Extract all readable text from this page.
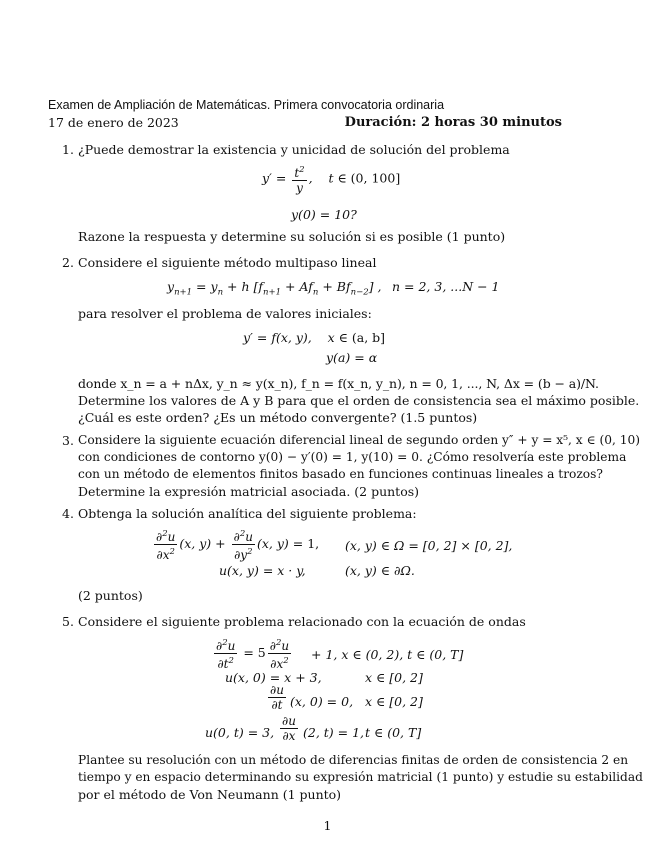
Examen de Ampliación de Matemáticas. Primera convocatoria ordinaria
17 de enero de 2023	Duración: 2 horas 30 minutos
1. ¿Puede demostrar la existencia y unicidad de solución del problema
$y' = \frac{t^2}{y}$ ,    t ∈ (0, 100]
y(0) = 10?
Razone la respuesta y determine su solución si es posible (1 punto)
2. Considere el siguiente método multipaso lineal
$y_{n+1} = y_n + h$ $[f_{n+1} + Af_n + Bf_{n-2}]$ , n = 2, 3, ...N − 1
para resolver el problema de valores iniciales:
y′ = f(x, y),    x ∈ (a, b]
y(a) = α
donde x_n = a + nΔx, y_n ≈ y(x_n), f_n = f(x_n, y_n), n = 0, 1, ..., N, Δx = (b − a)/N.
Determine los valores de A y B para que el orden de consistencia sea el máximo posible.
¿Cuál es este orden? ¿Es un método convergente? (1.5 puntos)
3. Considere la siguiente ecuación diferencial lineal de segundo orden y″ + y = x⁵, x ∈ (0, 10)
con condiciones de contorno y(0) − y′(0) = 1, y(10) = 0. ¿Cómo resolvería este problema
con un método de elementos finitos basado en funciones continuas lineales a trozos?
Determine la expresión matricial asociada. (2 puntos)
4. Obtenga la solución analítica del siguiente problema:
$\frac{\partial^2u}{\partial x^2} (x$, $y) + \frac{\partial^2u}{\partial y^2} (x$, y) = 1, (x, y) ∈ Ω = [0, 2] × [0, 2],
u(x, y) = x · y,	(x, y) ∈ ∂Ω.
(2 puntos)
5. Considere el siguiente problema relacionado con la ecuación de ondas
$\frac{\partial^2u}{\partial t^2} = 5 \frac{\partial^2u}{\partial x^2} + 1$, x ∈ (0, 2), t ∈ (0, T]
u(x, 0) = x + 3,	x ∈ [0, 2]
$\frac{\partial u}{\partial t} (x$, 0) = 0, x ∈ [0, 2]
u(0, t) = 3, $\frac{\partial u}{\partial x} (2$, t) = 1, t ∈ (0, T]
Plantee su resolución con un método de diferencias finitas de orden de consistencia 2 en
tiempo y en espacio determinando su expresión matricial (1 punto) y estudie su estabilidad
por el método de Von Neumann (1 punto)
1
